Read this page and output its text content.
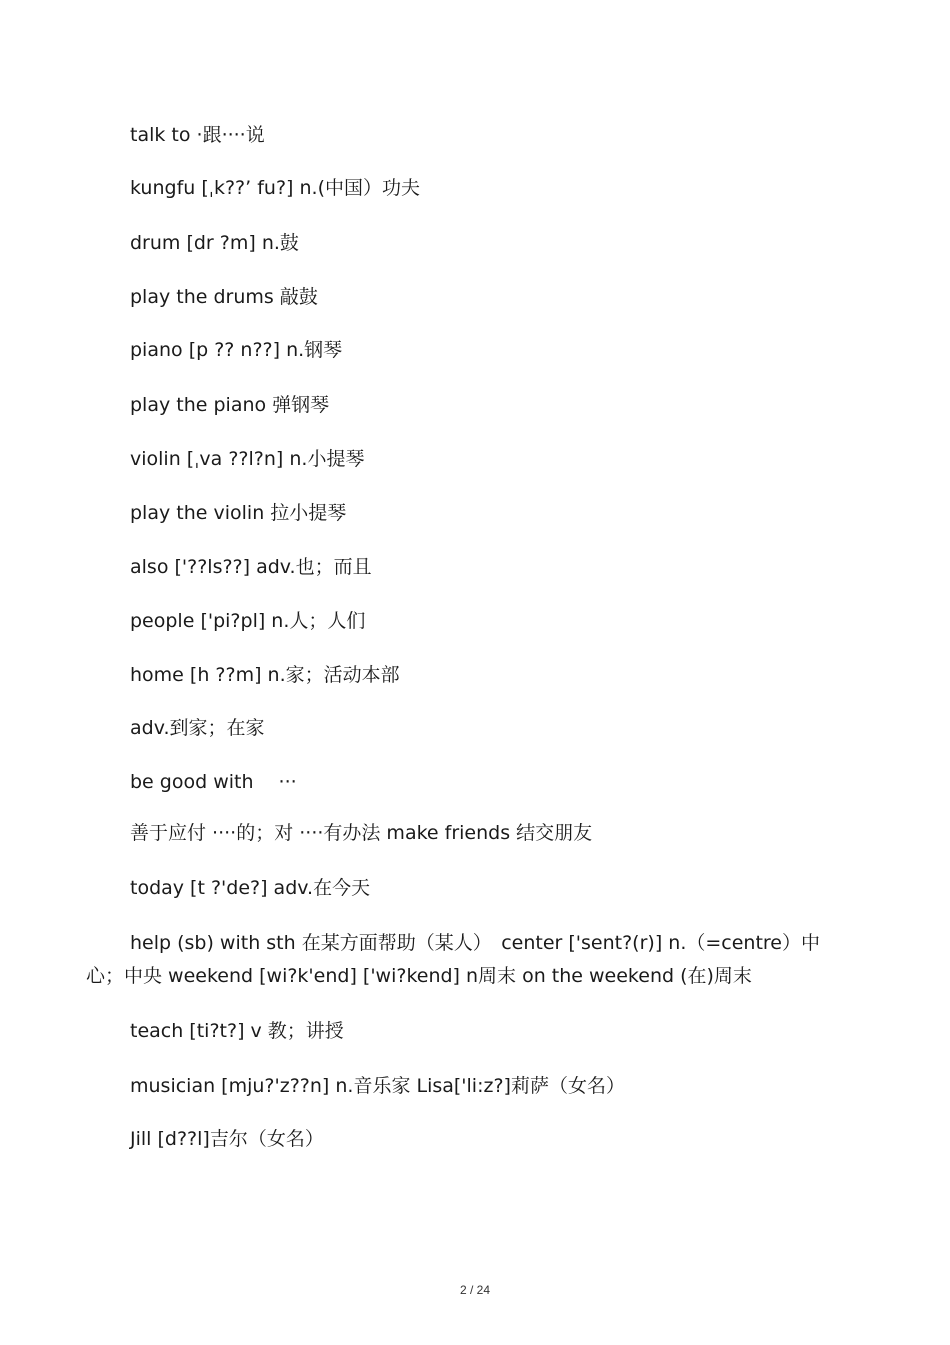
talk to ·跟····说
kungfu [ˌk??’ fu?] n.(中国）功夫
drum [dr ?m] n.鼓
play the drums 敲鼓
piano [p ?? n??] n.钢琴
play the piano 弹钢琴
violin [ˌva ??l?n] n.小提琴
play the violin 拉小提琴
also ['??ls??] adv.也；而且
people ['pi?pl] n.人；人们
home [h ??m] n.家；活动本部
adv.到家；在家
be good with　 ···
善于应付 ····的；对 ····有办法 make friends 结交朋友
today [t ?'de?] adv.在今天
help (sb) with sth 在某方面帮助（某人）　center ['sent?(r)] n.（=centre）中
心；中央 weekend [wi?k'end] ['wi?kend] n周末 on the weekend (在)周末
teach [ti?t?] v 教；讲授
musician [mju?'z??n] n.音乐家 Lisa['li:z?]莉萨（女名）
Jill [d??l]吉尔（女名）
2 / 24
